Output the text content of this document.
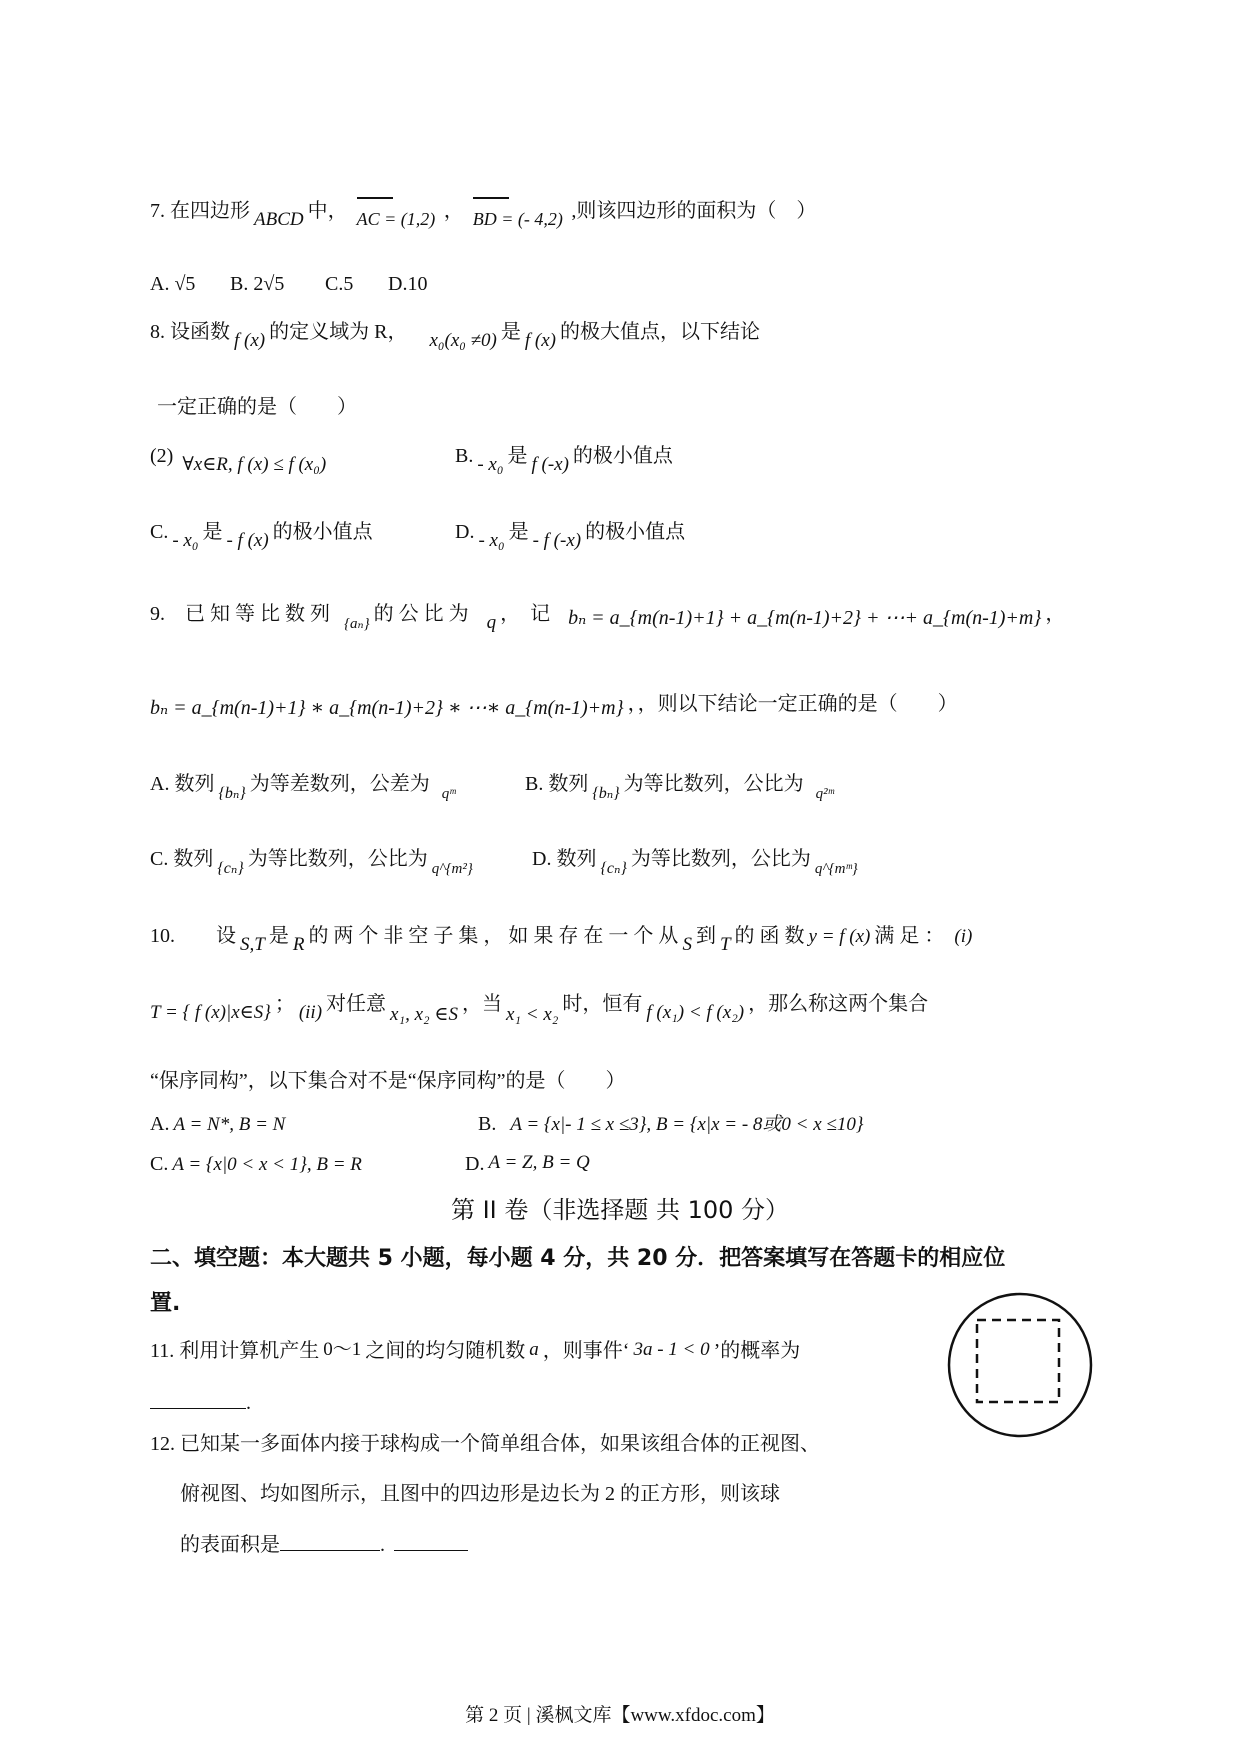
7. 在四边形 ABCD 中， AC = (1,2) ， BD = (- 4,2) ,则该四边形的面积为（　）
A. √5 B. 2√5 C.5 D.10
8. 设函数 f (x) 的定义域为 R， x₀(x₀ ≠0) 是 f (x) 的极大值点，以下结论
一定正确的是（　　）
(2) ∀x∈R, f (x) ≤ f (x₀)	B. - x₀ 是 f (-x) 的极小值点
C. - x₀ 是 - f (x) 的极小值点	D. - x₀ 是 - f (-x) 的极小值点
9.　已 知 等 比 数 列 $_{\{a_n\}}$ 的 公 比 为 q ，　记 bₙ = a_{m(n-1)+1} + a_{m(n-1)+2} + ⋯+ a_{m(n-1)+m} ，
bₙ = a_{m(n-1)+1} ∗ a_{m(n-1)+2} ∗ ⋯∗ a_{m(n-1)+m} ，，则以下结论一定正确的是（　　）
A. 数列 $_{\{b_n\}}$ 为等差数列，公差为 $_{qᵐ}$	B. 数列 $_{\{b_n\}}$ 为等比数列，公比为 $_{q^2ᵐ}$
C. 数列 $_{\{c_n\}}$ 为等比数列，公比为 $_{q\^{}\{m^2\}}$	D. 数列 $_{\{c_n\}}$ 为等比数列，公比为 $_{q\^{}\{mᵐ\}}$
10. 设 S,T 是 R 的 两 个 非 空 子 集 ， 如 果 存 在 一 个 从 S 到 T 的 函 数 y = f (x) 满 足 ： (i)
T = { f (x)|x∈S} ； (ii) 对任意 x₁, x₂ ∈S ，当 x₁ < x₂ 时，恒有 f (x₁) < f (x₂) ，那么称这两个集合
“保序同构”，以下集合对不是“保序同构”的是（　　）
A. A = N*, B = N	B. A = {x|- 1 ≤ x ≤3}, B = {x|x = - 8或0 < x ≤10}
C. A = {x|0 < x < 1}, B = R	D. A = Z, B = Q
第 II 卷（非选择题 共 100 分）
二、填空题：本大题共 5 小题，每小题 4 分，共 20 分．把答案填写在答题卡的相应位
置.
11. 利用计算机产生 0～1 之间的均匀随机数 a ，则事件‘ 3a - 1 < 0 ’的概率为
.
12. 已知某一多面体内接于球构成一个简单组合体，如果该组合体的正视图、
俯视图、均如图所示，且图中的四边形是边长为 2 的正方形，则该球
的表面积是	.
第 2 页 | 溪枫文库【www.xfdoc.com】
